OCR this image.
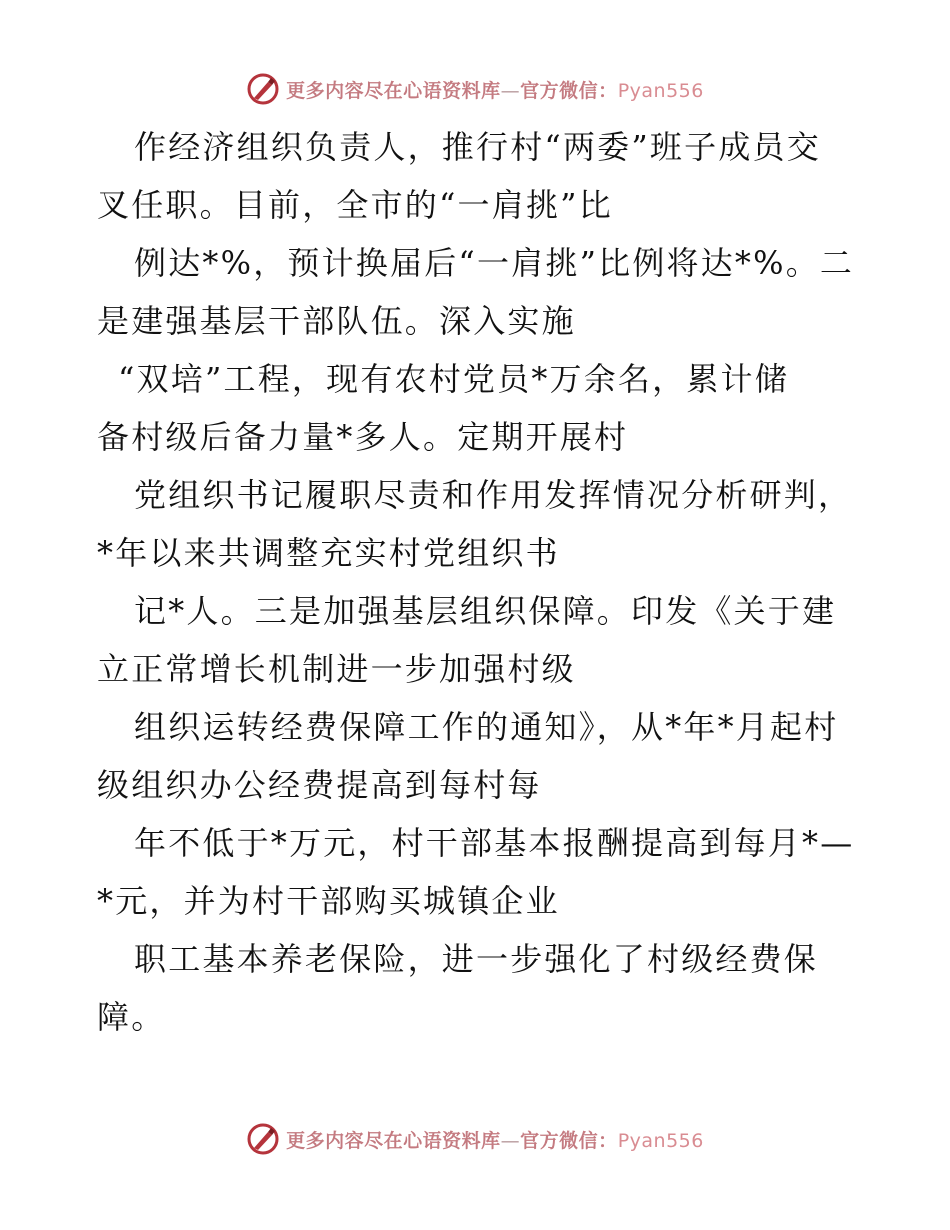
更多内容尽在心语资料库—官方微信：Pyan556
作经济组织负责人，推行村“两委”班子成员交
叉任职。目前，全市的“一肩挑”比
例达*%，预计换届后“一肩挑”比例将达*%。二
是建强基层干部队伍。深入实施
“双培”工程，现有农村党员*万余名，累计储
备村级后备力量*多人。定期开展村
党组织书记履职尽责和作用发挥情况分析研判，
*年以来共调整充实村党组织书
记*人。三是加强基层组织保障。印发《关于建
立正常增长机制进一步加强村级
组织运转经费保障工作的通知》，从*年*月起村
级组织办公经费提高到每村每
年不低于*万元，村干部基本报酬提高到每月*—
*元，并为村干部购买城镇企业
职工基本养老保险，进一步强化了村级经费保
障。
更多内容尽在心语资料库—官方微信：Pyan556
